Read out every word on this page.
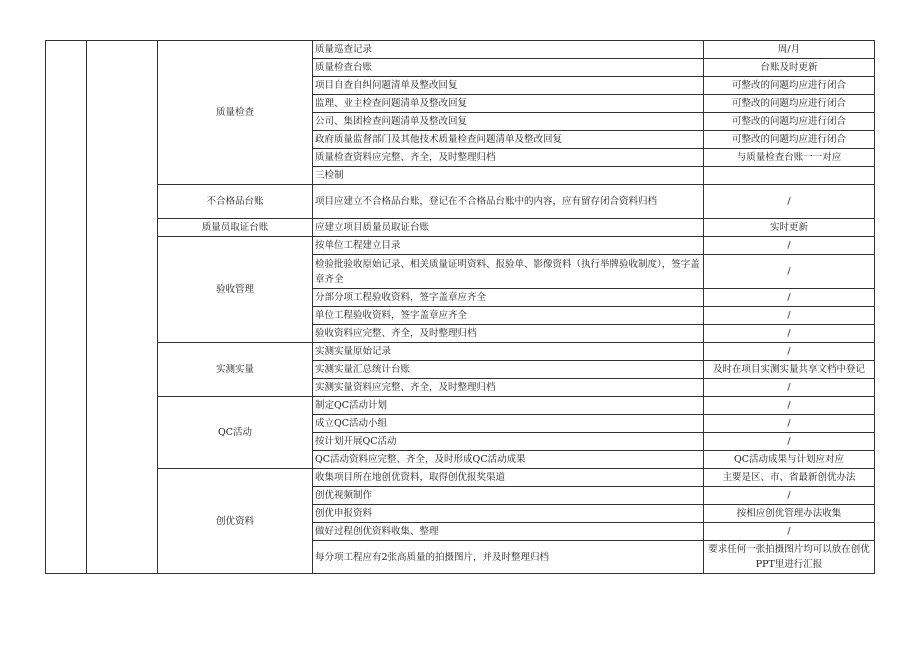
		质量检查	质量巡查记录	周/月
			质量检查台账	台账及时更新
			项目自查自纠问题清单及整改回复	可整改的问题均应进行闭合
			监理、业主检查问题清单及整改回复	可整改的问题均应进行闭合
			公司、集团检查问题清单及整改回复	可整改的问题均应进行闭合
			政府质量监督部门及其他技术质量检查问题清单及整改回复	可整改的问题均应进行闭合
			质量检查资料应完整、齐全，及时整理归档	与质量检查台账一一对应
			三检制	
		不合格品台账	项目应建立不合格品台账，登记在不合格品台账中的内容，应有留存闭合资料归档	/
		质量员取证台账	应建立项目质量员取证台账	实时更新
		验收管理	按单位工程建立目录	/
			检验批验收原始记录、相关质量证明资料、报验单、影像资料（执行举牌验收制度），签字盖章齐全	/
			分部分项工程验收资料，签字盖章应齐全	/
			单位工程验收资料，签字盖章应齐全	/
			验收资料应完整、齐全，及时整理归档	/
		实测实量	实测实量原始记录	/
			实测实量汇总统计台账	及时在项目实测实量共享文档中登记
			实测实量资料应完整、齐全，及时整理归档	/
		QC活动	制定QC活动计划	/
			成立QC活动小组	/
			按计划开展QC活动	/
			QC活动资料应完整、齐全，及时形成QC活动成果	QC活动成果与计划应对应
		创优资料	收集项目所在地创优资料，取得创优报奖渠道	主要是区、市、省最新创优办法
			创优视频制作	/
			创优申报资料	按相应创优管理办法收集
			做好过程创优资料收集、整理	/
			每分项工程应有2张高质量的拍摄图片，并及时整理归档	要求任何一张拍摄图片均可以放在创优PPT里进行汇报
